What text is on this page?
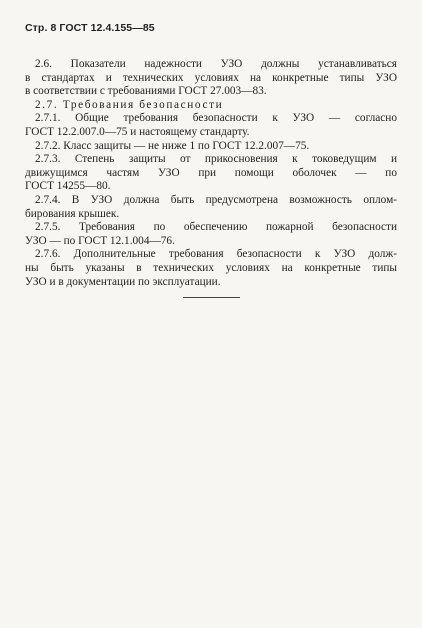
Стр. 8 ГОСТ 12.4.155—85
2.6. Показатели надежности УЗО должны устанавливаться
в стандартах и технических условиях на конкретные типы УЗО
в соответствии с требованиями ГОСТ 27.003—83.
2.7. Требования безопасности
2.7.1. Общие требования безопасности к УЗО — согласно
ГОСТ 12.2.007.0—75 и настоящему стандарту.
2.7.2. Класс защиты — не ниже 1 по ГОСТ 12.2.007—75.
2.7.3. Степень защиты от прикосновения к токоведущим и
движущимся частям УЗО при помощи оболочек — по
ГОСТ 14255—80.
2.7.4. В УЗО должна быть предусмотрена возможность оплом-
бирования крышек.
2.7.5. Требования по обеспечению пожарной безопасности
УЗО — по ГОСТ 12.1.004—76.
2.7.6. Дополнительные требования безопасности к УЗО долж-
ны быть указаны в технических условиях на конкретные типы
УЗО и в документации по эксплуатации.
